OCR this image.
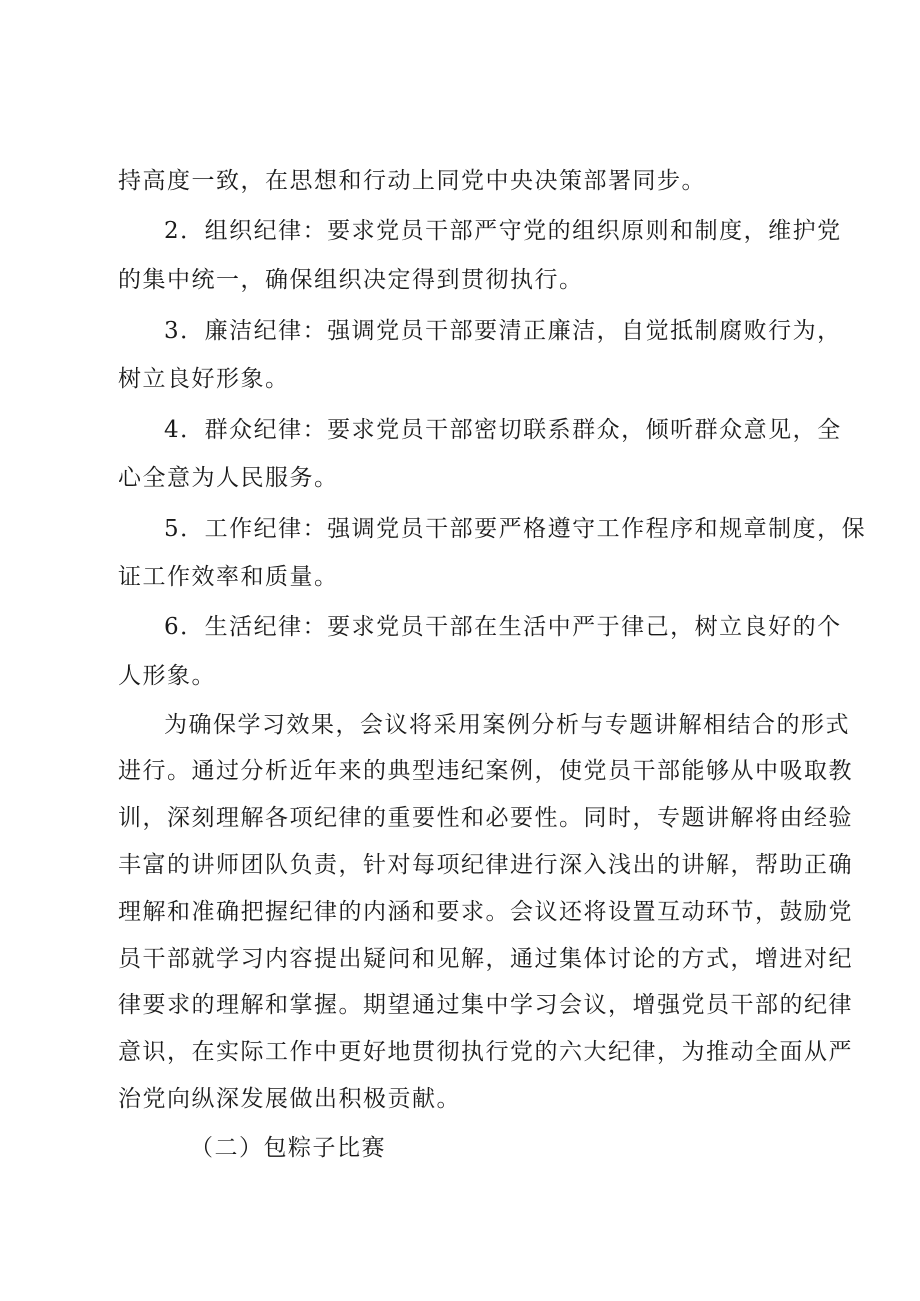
持高度一致，在思想和行动上同党中央决策部署同步。
2．组织纪律：要求党员干部严守党的组织原则和制度，维护党
的集中统一，确保组织决定得到贯彻执行。
3．廉洁纪律：强调党员干部要清正廉洁，自觉抵制腐败行为，
树立良好形象。
4．群众纪律：要求党员干部密切联系群众，倾听群众意见，全
心全意为人民服务。
5．工作纪律：强调党员干部要严格遵守工作程序和规章制度，保
证工作效率和质量。
6．生活纪律：要求党员干部在生活中严于律己，树立良好的个
人形象。
为确保学习效果，会议将采用案例分析与专题讲解相结合的形式
进行。通过分析近年来的典型违纪案例，使党员干部能够从中吸取教
训，深刻理解各项纪律的重要性和必要性。同时，专题讲解将由经验
丰富的讲师团队负责，针对每项纪律进行深入浅出的讲解，帮助正确
理解和准确把握纪律的内涵和要求。会议还将设置互动环节，鼓励党
员干部就学习内容提出疑问和见解，通过集体讨论的方式，增进对纪
律要求的理解和掌握。期望通过集中学习会议，增强党员干部的纪律
意识，在实际工作中更好地贯彻执行党的六大纪律，为推动全面从严
治党向纵深发展做出积极贡献。
（二）包粽子比赛
